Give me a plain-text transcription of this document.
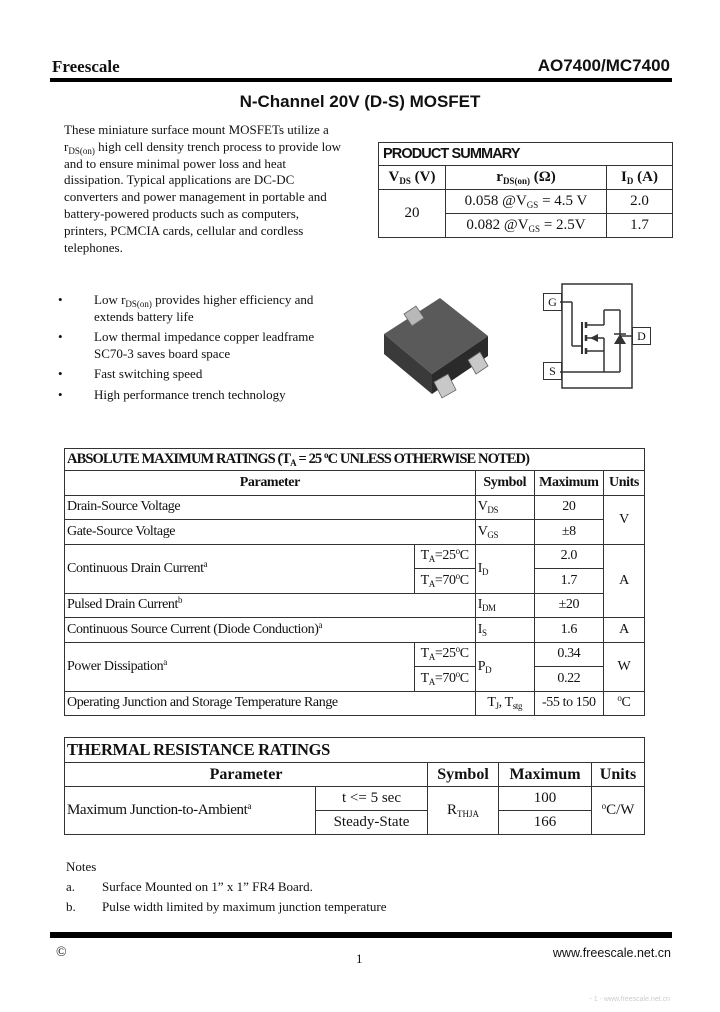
Freescale	AO7400/MC7400
N-Channel 20V (D-S) MOSFET
These miniature surface mount MOSFETs utilize a
$r_{DS(on)}$ high cell density trench process to provide low
and to ensure minimal power loss and heat
dissipation. Typical applications are DC-DC
converters and power management in portable and
battery-powered products such as computers,
printers, PCMCIA cards, cellular and cordless
telephones.
PRODUCT SUMMARY		
$V_{DS}$ (V)	$r_{DS(on)}$ (Ω)	$I_D$ (A)
20	0.058 $@V_{GS} = 4.5$ V	2.0
	0.082 $@V_{GS} = 2.5V$	1.7
• Low $r_{DS(on)}$ provides higher efficiency and
extends battery life
• Low thermal impedance copper leadframe
SC70-3 saves board space
• Fast switching speed
• High performance trench technology
G
S
D
ABSOLUTE MAXIMUM RATINGS ($T_A = 25$ $^o$C UNLESS OTHERWISE NOTED)				
Parameter		Symbol	Maximum	Units
Drain-Source Voltage		$V_{DS}$	20	V
Gate-Source Voltage		$V_{GS}$	±8	
Continuous Drain Current$^a$	$T_A=25^oC$	$I_D$	2.0	A
	$T_A=70^oC$		1.7	
Pulsed Drain Current$^b$		$I_{DM}$	±20	
Continuous Source Current (Diode Conduction)$^a$		$I_S$	1.6	A
Power Dissipation$^a$	$T_A=25^oC$	$P_D$	0.34	W
	$T_A=70^oC$		0.22	
Operating Junction and Storage Temperature Range		$T_J$, $T_{stg}$	-55 to 150	$^o$C
THERMAL RESISTANCE RATINGS				
Parameter		Symbol	Maximum	Units
Maximum Junction-to-Ambient$^a$	t <= 5 sec	$R_{THJA}$	100	$^o$C/W
	Steady-State		166	
Notes
a. Surface Mounted on 1” x 1” FR4 Board.
b. Pulse width limited by maximum junction temperature
©	1	www.freescale.net.cn
- 1 - www.freescale.net.cn
